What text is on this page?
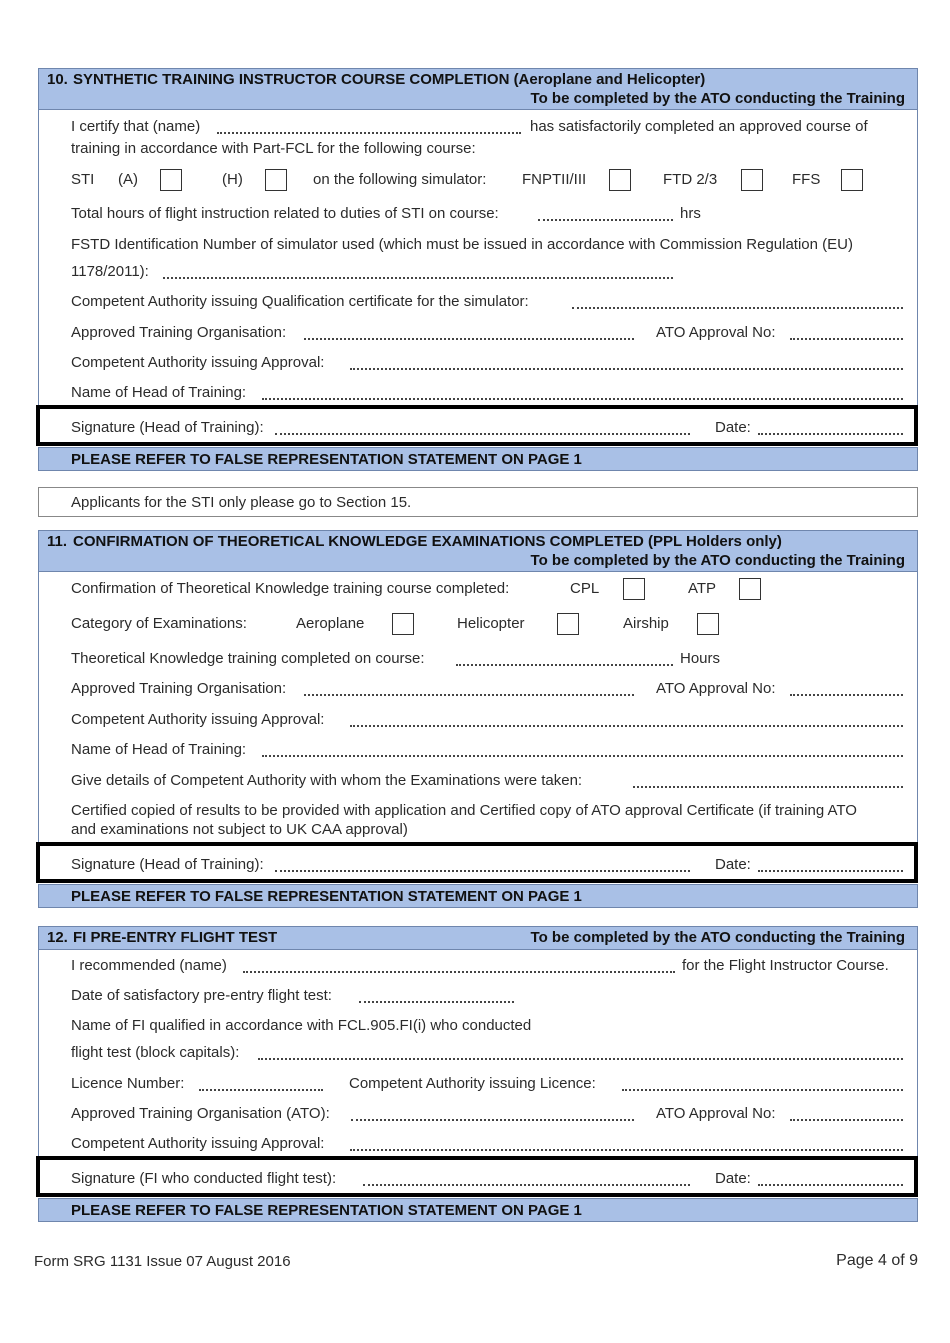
10. SYNTHETIC TRAINING INSTRUCTOR COURSE COMPLETION (Aeroplane and Helicopter)
To be completed by the ATO conducting the Training
I certify that (name)	has satisfactorily completed an approved course of
training in accordance with Part-FCL for the following course:
STI (A)	(H)	on the following simulator: FNPTII/III	FTD 2/3	FFS
Total hours of flight instruction related to duties of STI on course:	hrs
FSTD Identification Number of simulator used (which must be issued in accordance with Commission Regulation (EU)
1178/2011):
Competent Authority issuing Qualification certificate for the simulator:
Approved Training Organisation:	ATO Approval No:
Competent Authority issuing Approval:
Name of Head of Training:
Signature (Head of Training):	Date:
PLEASE REFER TO FALSE REPRESENTATION STATEMENT ON PAGE 1
Applicants for the STI only please go to Section 15.
11. CONFIRMATION OF THEORETICAL KNOWLEDGE EXAMINATIONS COMPLETED (PPL Holders only)
To be completed by the ATO conducting the Training
Confirmation of Theoretical Knowledge training course completed:	CPL	ATP
Category of Examinations:	Aeroplane	Helicopter	Airship
Theoretical Knowledge training completed on course:	Hours
Approved Training Organisation:	ATO Approval No:
Competent Authority issuing Approval:
Name of Head of Training:
Give details of Competent Authority with whom the Examinations were taken:
Certified copied of results to be provided with application and Certified copy of ATO approval Certificate (if training ATO
and examinations not subject to UK CAA approval)
Signature (Head of Training):	Date:
PLEASE REFER TO FALSE REPRESENTATION STATEMENT ON PAGE 1
12. FI PRE-ENTRY FLIGHT TEST	To be completed by the ATO conducting the Training
I recommended (name)	for the Flight Instructor Course.
Date of satisfactory pre-entry flight test:
Name of FI qualified in accordance with FCL.905.FI(i) who conducted
flight test (block capitals):
Licence Number:	Competent Authority issuing Licence:
Approved Training Organisation (ATO):	ATO Approval No:
Competent Authority issuing Approval:
Signature (FI who conducted flight test):	Date:
PLEASE REFER TO FALSE REPRESENTATION STATEMENT ON PAGE 1
Form SRG 1131 Issue 07 August 2016	Page 4 of 9
